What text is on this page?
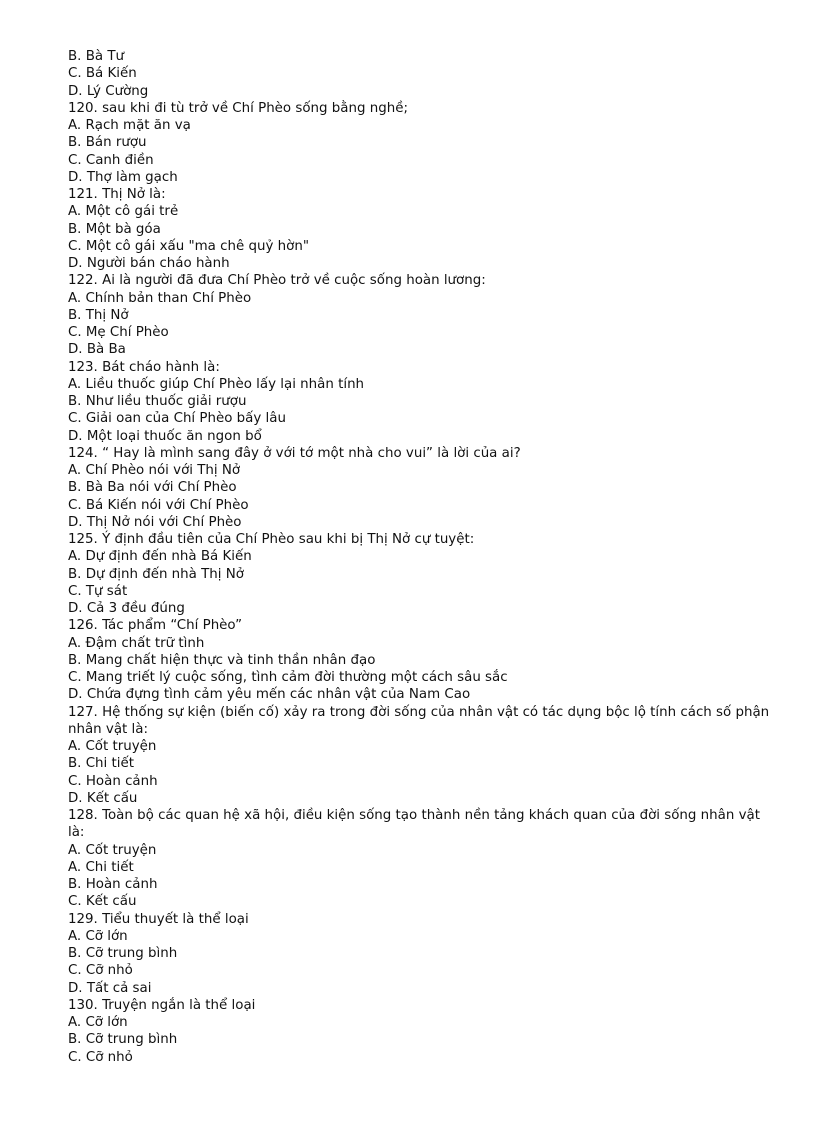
B. Bà Tư
C. Bá Kiến
D. Lý Cường
120. sau khi đi tù trở về Chí Phèo sống bằng nghề;
A. Rạch mặt ăn vạ
B. Bán rượu
C. Canh điền
D. Thợ làm gạch
121. Thị Nở là:
A. Một cô gái trẻ
B. Một bà góa
C. Một cô gái xấu "ma chê quỷ hờn"
D. Người bán cháo hành
122. Ai là người đã đưa Chí Phèo trở về cuộc sống hoàn lương:
A. Chính bản than Chí Phèo
B. Thị Nở
C. Mẹ Chí Phèo
D. Bà Ba
123. Bát cháo hành là:
A. Liều thuốc giúp Chí Phèo lấy lại nhân tính
B. Như liều thuốc giải rượu
C. Giải oan của Chí Phèo bấy lâu
D. Một loại thuốc ăn ngon bổ
124. “ Hay là mình sang đây ở với tớ một nhà cho vui” là lời của ai?
A. Chí Phèo nói với Thị Nở
B. Bà Ba nói với Chí Phèo
C. Bá Kiến nói với Chí Phèo
D. Thị Nở nói với Chí Phèo
125. Ý định đầu tiên của Chí Phèo sau khi bị Thị Nở cự tuyệt:
A. Dự định đến nhà Bá Kiến
B. Dự định đến nhà Thị Nở
C. Tự sát
D. Cả 3 đều đúng
126. Tác phẩm “Chí Phèo”
A. Đậm chất trữ tình
B. Mang chất hiện thực và tinh thần nhân đạo
C. Mang triết lý cuộc sống, tình cảm đời thường một cách sâu sắc
D. Chứa đựng tình cảm yêu mến các nhân vật của Nam Cao
127. Hệ thống sự kiện (biến cố) xảy ra trong đời sống của nhân vật có tác dụng bộc lộ tính cách số phận nhân vật là:
A. Cốt truyện
B. Chi tiết
C. Hoàn cảnh
D. Kết cấu
128. Toàn bộ các quan hệ xã hội, điều kiện sống tạo thành nền tảng khách quan của đời sống nhân vật là:
A. Cốt truyện
A. Chi tiết
B. Hoàn cảnh
C. Kết cấu
129. Tiểu thuyết là thể loại
A. Cỡ lớn
B. Cỡ trung bình
C. Cỡ nhỏ
D. Tất cả sai
130. Truyện ngắn là thể loại
A. Cỡ lớn
B. Cỡ trung bình
C. Cỡ nhỏ
